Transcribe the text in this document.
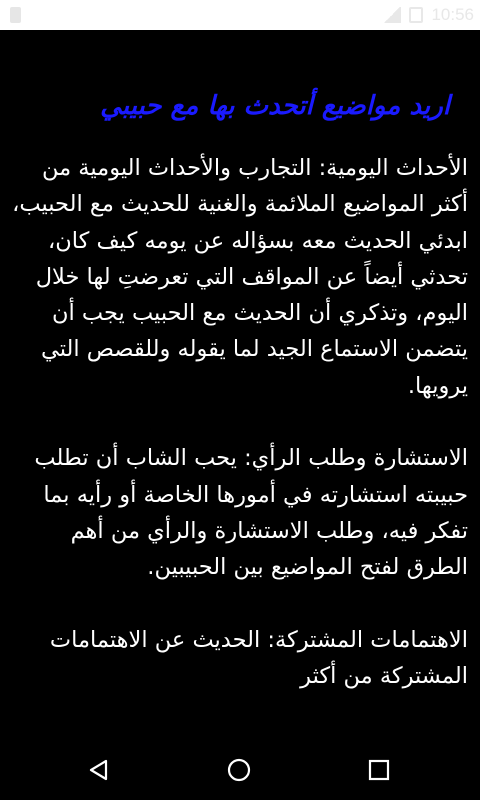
10:56
اريد مواضيع أتحدث بها مع حبيبي

الأحداث اليومية: التجارب والأحداث اليومية من أكثر المواضيع الملائمة والغنية للحديث مع الحبيب، ابدئي الحديث معه بسؤاله عن يومه كيف كان، تحدثي أيضاً عن المواقف التي تعرضتِ لها خلال اليوم، وتذكري أن الحديث مع الحبيب يجب أن يتضمن الاستماع الجيد لما يقوله وللقصص التي يرويها.

الاستشارة وطلب الرأي: يحب الشاب أن تطلب حبيبته استشارته في أمورها الخاصة أو رأيه بما تفكر فيه، وطلب الاستشارة والرأي من أهم الطرق لفتح المواضيع بين الحبيبين.

الاهتمامات المشتركة: الحديث عن الاهتمامات المشتركة من أكثر
